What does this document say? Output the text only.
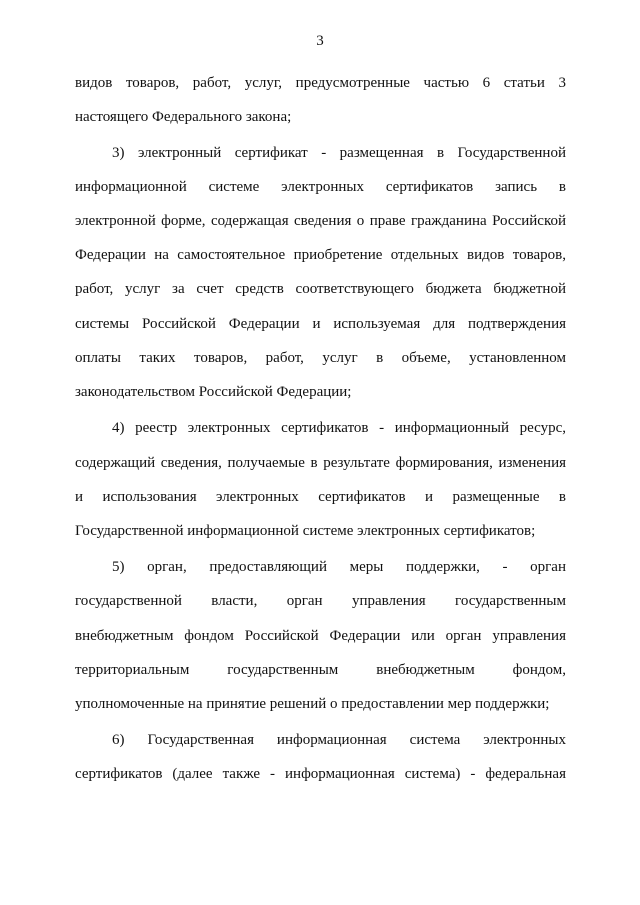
3
видов товаров, работ, услуг, предусмотренные частью 6 статьи 3
настоящего Федерального закона;
3) электронный сертификат - размещенная в Государственной
информационной системе электронных сертификатов запись в
электронной форме, содержащая сведения о праве гражданина Российской
Федерации на самостоятельное приобретение отдельных видов товаров,
работ, услуг за счет средств соответствующего бюджета бюджетной
системы Российской Федерации и используемая для подтверждения
оплаты таких товаров, работ, услуг в объеме, установленном
законодательством Российской Федерации;
4) реестр электронных сертификатов - информационный ресурс,
содержащий сведения, получаемые в результате формирования, изменения
и использования электронных сертификатов и размещенные в
Государственной информационной системе электронных сертификатов;
5) орган, предоставляющий меры поддержки, - орган
государственной власти, орган управления государственным
внебюджетным фондом Российской Федерации или орган управления
территориальным государственным внебюджетным фондом,
уполномоченные на принятие решений о предоставлении мер поддержки;
6) Государственная информационная система электронных
сертификатов (далее также - информационная система) - федеральная
